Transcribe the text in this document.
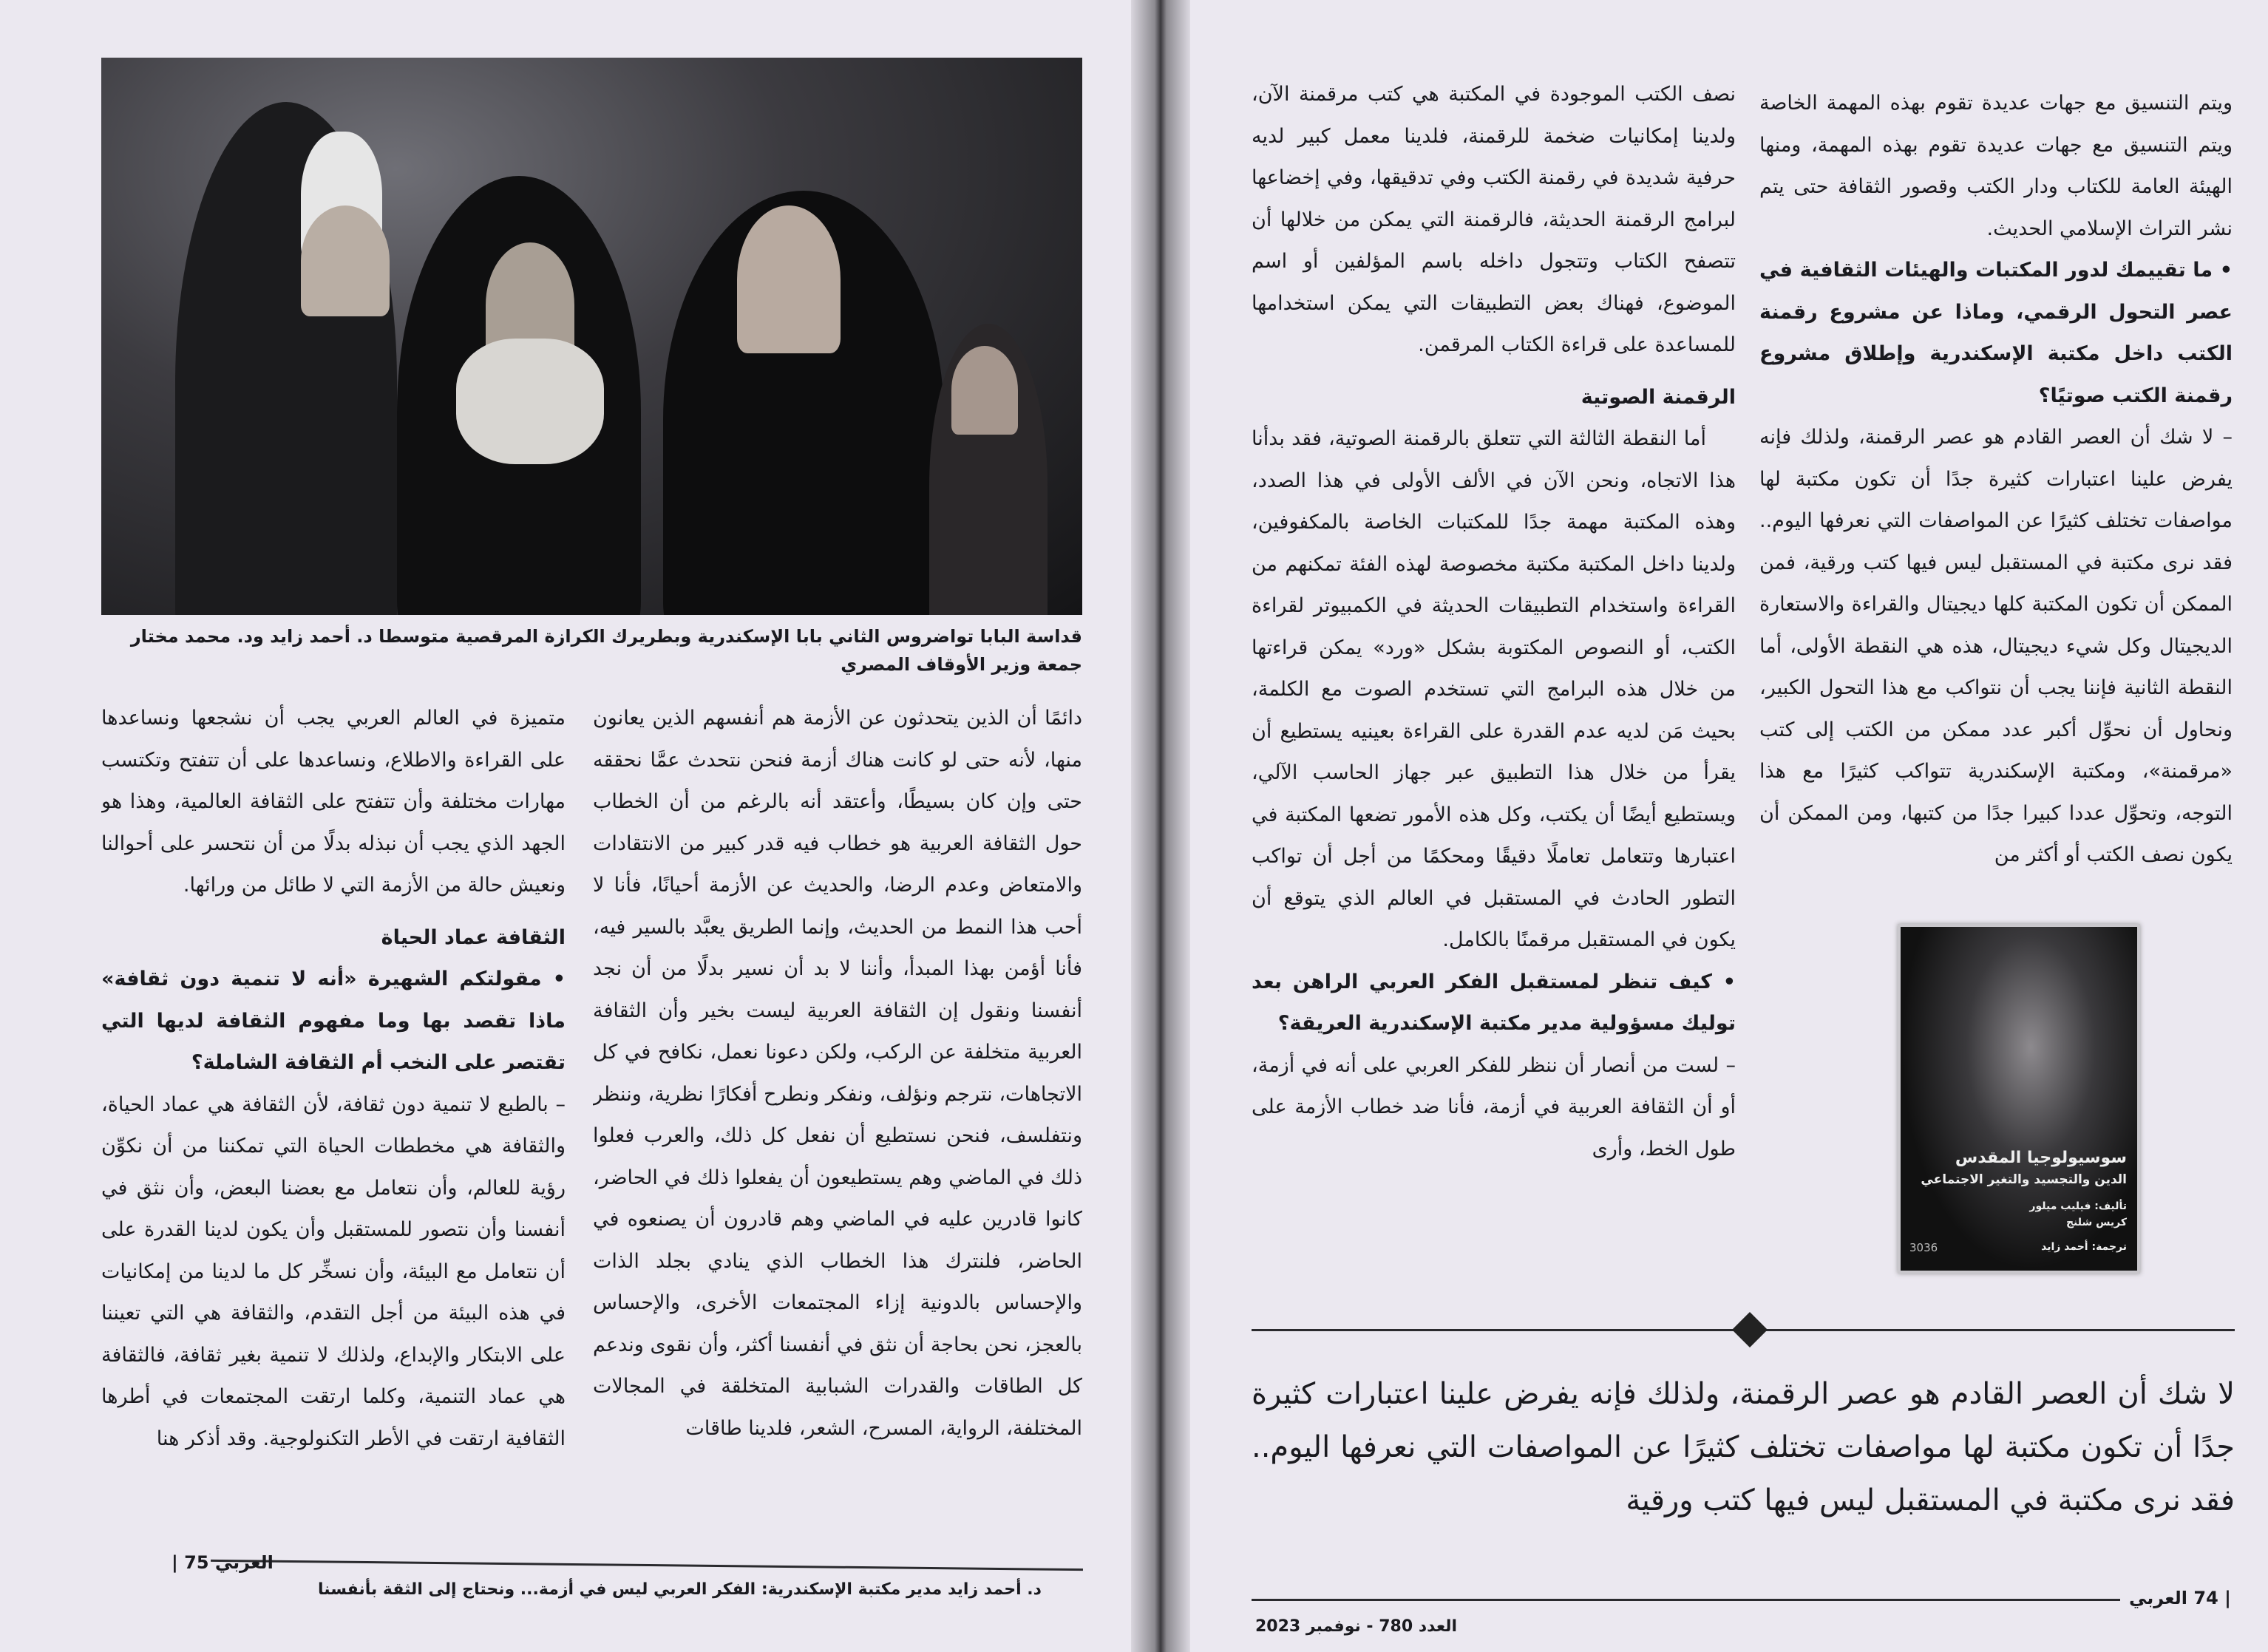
قداسة البابا تواضروس الثاني بابا الإسكندرية وبطريرك الكرازة المرقصية متوسطا د. أحمد زايد ود. محمد مختار جمعة وزير الأوقاف المصري

دائمًا أن الذين يتحدثون عن الأزمة هم أنفسهم الذين يعانون منها، لأنه حتى لو كانت هناك أزمة فنحن نتحدث عمَّا نحققه حتى وإن كان بسيطًا، وأعتقد أنه بالرغم من أن الخطاب حول الثقافة العربية هو خطاب فيه قدر كبير من الانتقادات والامتعاض وعدم الرضا، والحديث عن الأزمة أحيانًا، فأنا لا أحب هذا النمط من الحديث، وإنما الطريق يعبَّد بالسير فيه، فأنا أؤمن بهذا المبدأ، وأننا لا بد أن نسير بدلًا من أن نجد أنفسنا ونقول إن الثقافة العربية ليست بخير وأن الثقافة العربية متخلفة عن الركب، ولكن دعونا نعمل، نكافح في كل الاتجاهات، نترجم ونؤلف، ونفكر ونطرح أفكارًا نظرية، وننظر ونتفلسف، فنحن نستطيع أن نفعل كل ذلك، والعرب فعلوا ذلك في الماضي وهم يستطيعون أن يفعلوا ذلك في الحاضر، كانوا قادرين عليه في الماضي وهم قادرون أن يصنعوه في الحاضر، فلنترك هذا الخطاب الذي ينادي بجلد الذات والإحساس بالدونية إزاء المجتمعات الأخرى، والإحساس بالعجز، نحن بحاجة أن نثق في أنفسنا أكثر، وأن نقوى وندعم كل الطاقات والقدرات الشبابية المتخلقة في المجالات المختلفة، الرواية، المسرح، الشعر، فلدينا طاقات

متميزة في العالم العربي يجب أن نشجعها ونساعدها على القراءة والاطلاع، ونساعدها على أن تتفتح وتكتسب مهارات مختلفة وأن تتفتح على الثقافة العالمية، وهذا هو الجهد الذي يجب أن نبذله بدلًا من أن نتحسر على أحوالنا ونعيش حالة من الأزمة التي لا طائل من ورائها.

الثقافة عماد الحياة

• مقولتكم الشهيرة «أنه لا تنمية دون ثقافة» ماذا تقصد بها وما مفهوم الثقافة لديها التي تقتصر على النخب أم الثقافة الشاملة؟

– بالطبع لا تنمية دون ثقافة، لأن الثقافة هي عماد الحياة، والثقافة هي مخططات الحياة التي تمكننا من أن نكوِّن رؤية للعالم، وأن نتعامل مع بعضنا البعض، وأن نثق في أنفسنا وأن نتصور للمستقبل وأن يكون لدينا القدرة على أن نتعامل مع البيئة، وأن نسخِّر كل ما لدينا من إمكانيات في هذه البيئة من أجل التقدم، والثقافة هي التي تعيننا على الابتكار والإبداع، ولذلك لا تنمية بغير ثقافة، فالثقافة هي عماد التنمية، وكلما ارتقت المجتمعات في أطرها الثقافية ارتقت في الأطر التكنولوجية. وقد أذكر هنا

العربي 75 |
د. أحمد زايد مدير مكتبة الإسكندرية: الفكر العربي ليس في أزمة... ونحتاج إلى الثقة بأنفسنا

ويتم التنسيق مع جهات عديدة تقوم بهذه المهمة الخاصة ويتم التنسيق مع جهات عديدة تقوم بهذه المهمة، ومنها الهيئة العامة للكتاب ودار الكتب وقصور الثقافة حتى يتم نشر التراث الإسلامي الحديث.

• ما تقييمك لدور المكتبات والهيئات الثقافية في عصر التحول الرقمي، وماذا عن مشروع رقمنة الكتب داخل مكتبة الإسكندرية وإطلاق مشروع رقمنة الكتب صوتيًا؟

– لا شك أن العصر القادم هو عصر الرقمنة، ولذلك فإنه يفرض علينا اعتبارات كثيرة جدًا أن تكون مكتبة لها مواصفات تختلف كثيرًا عن المواصفات التي نعرفها اليوم.. فقد نرى مكتبة في المستقبل ليس فيها كتب ورقية، فمن الممكن أن تكون المكتبة كلها ديجيتال والقراءة والاستعارة الديجيتال وكل شيء ديجيتال، هذه هي النقطة الأولى، أما النقطة الثانية فإننا يجب أن نتواكب مع هذا التحول الكبير، ونحاول أن نحوِّل أكبر عدد ممكن من الكتب إلى كتب «مرقمنة»، ومكتبة الإسكندرية تتواكب كثيرًا مع هذا التوجه، وتحوِّل عددا كبيرا جدًا من كتبها، ومن الممكن أن يكون نصف الكتب أو أكثر من

سوسيولوجيا المقدس
الدين والتجسيد والتغير الاجتماعي
تأليف: فيليب ميلور
كريس شلنج
ترجمة: أحمد زايد
3036

نصف الكتب الموجودة في المكتبة هي كتب مرقمنة الآن، ولدينا إمكانيات ضخمة للرقمنة، فلدينا معمل كبير لديه حرفية شديدة في رقمنة الكتب وفي تدقيقها، وفي إخضاعها لبرامج الرقمنة الحديثة، فالرقمنة التي يمكن من خلالها أن تتصفح الكتاب وتتجول داخله باسم المؤلفين أو اسم الموضوع، فهناك بعض التطبيقات التي يمكن استخدامها للمساعدة على قراءة الكتاب المرقمن.

الرقمنة الصوتية

أما النقطة الثالثة التي تتعلق بالرقمنة الصوتية، فقد بدأنا هذا الاتجاه، ونحن الآن في الألف الأولى في هذا الصدد، وهذه المكتبة مهمة جدًا للمكتبات الخاصة بالمكفوفين، ولدينا داخل المكتبة مكتبة مخصوصة لهذه الفئة تمكنهم من القراءة واستخدام التطبيقات الحديثة في الكمبيوتر لقراءة الكتب، أو النصوص المكتوبة بشكل «ورد» يمكن قراءتها من خلال هذه البرامج التي تستخدم الصوت مع الكلمة، بحيث مَن لديه عدم القدرة على القراءة بعينيه يستطيع أن يقرأ من خلال هذا التطبيق عبر جهاز الحاسب الآلي، ويستطيع أيضًا أن يكتب، وكل هذه الأمور تضعها المكتبة في اعتبارها وتتعامل تعاملًا دقيقًا ومحكمًا من أجل أن تواكب التطور الحادث في المستقبل في العالم الذي يتوقع أن يكون في المستقبل مرقمنًا بالكامل.

• كيف تنظر لمستقبل الفكر العربي الراهن بعد توليك مسؤولية مدير مكتبة الإسكندرية العريقة؟

– لست من أنصار أن ننظر للفكر العربي على أنه في أزمة، أو أن الثقافة العربية في أزمة، فأنا ضد خطاب الأزمة على طول الخط، وأرى

لا شك أن العصر القادم هو عصر الرقمنة، ولذلك فإنه يفرض علينا اعتبارات كثيرة جدًا أن تكون مكتبة لها مواصفات تختلف كثيرًا عن المواصفات التي نعرفها اليوم.. فقد نرى مكتبة في المستقبل ليس فيها كتب ورقية
| 74 العربي
العدد 780 - نوفمبر 2023
